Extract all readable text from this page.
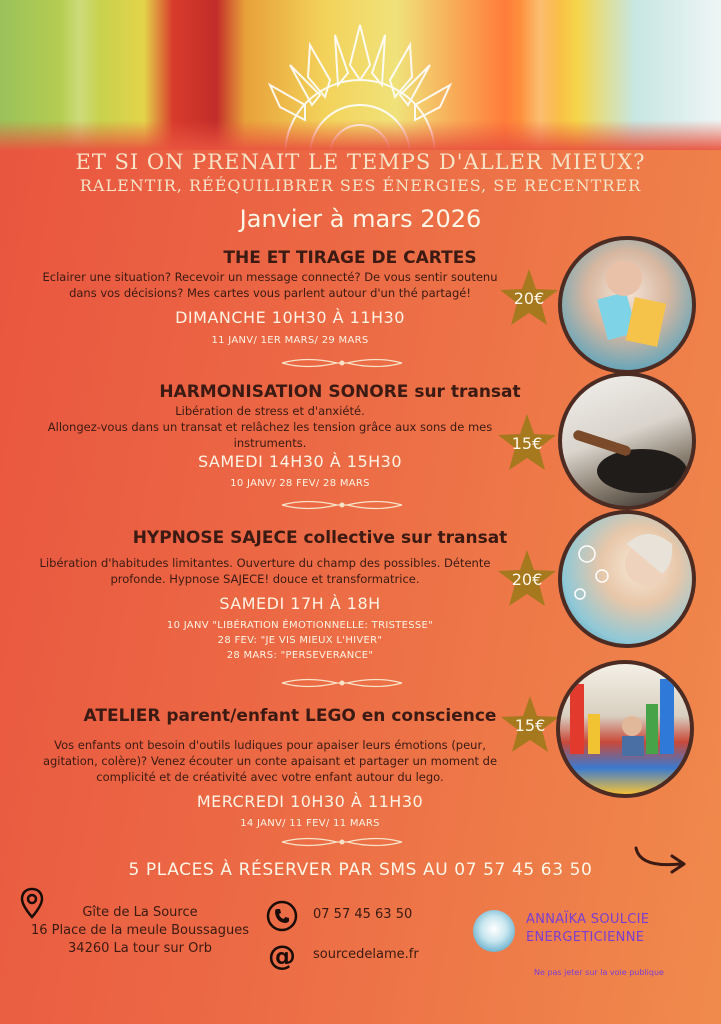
ET SI ON PRENAIT LE TEMPS D'ALLER MIEUX?
RALENTIR, RÉÉQUILIBRER SES ÉNERGIES, SE RECENTRER
Janvier à mars 2026
THE ET TIRAGE DE CARTES
Eclairer une situation? Recevoir un message connecté? De vous sentir soutenu
dans vos décisions? Mes cartes vous parlent autour d'un thé partagé!
DIMANCHE 10H30 À 11H30
11 JANV/ 1ER MARS/ 29 MARS
20€
HARMONISATION SONORE sur transat
Libération de stress et d'anxiété.
Allongez-vous dans un transat et relâchez les tension grâce aux sons de mes
instruments.
SAMEDI 14H30 À 15H30
10 JANV/ 28 FEV/ 28 MARS
15€
HYPNOSE SAJECE collective sur transat
Libération d'habitudes limitantes. Ouverture du champ des possibles. Détente
profonde. Hypnose SAJECE! douce et transformatrice.
SAMEDI 17H À 18H
10 JANV "LIBÉRATION ÉMOTIONNELLE: TRISTESSE"
28 FEV: "JE VIS MIEUX L'HIVER"
28 MARS: "PERSEVERANCE"
20€
ATELIER parent/enfant LEGO en conscience
Vos enfants ont besoin d'outils ludiques pour apaiser leurs émotions (peur,
agitation, colère)? Venez écouter un conte apaisant et partager un moment de
complicité et de créativité avec votre enfant autour du lego.
MERCREDI 10H30 À 11H30
14 JANV/ 11 FEV/ 11 MARS
15€
5 PLACES À RÉSERVER PAR SMS AU 07 57 45 63 50
Gîte de La Source
16 Place de la meule Boussagues
34260 La tour sur Orb
07 57 45 63 50
@ sourcedelame.fr
ANNAÏKA SOULCIE
ENERGETICIENNE
Ne pas jeter sur la voie publique
